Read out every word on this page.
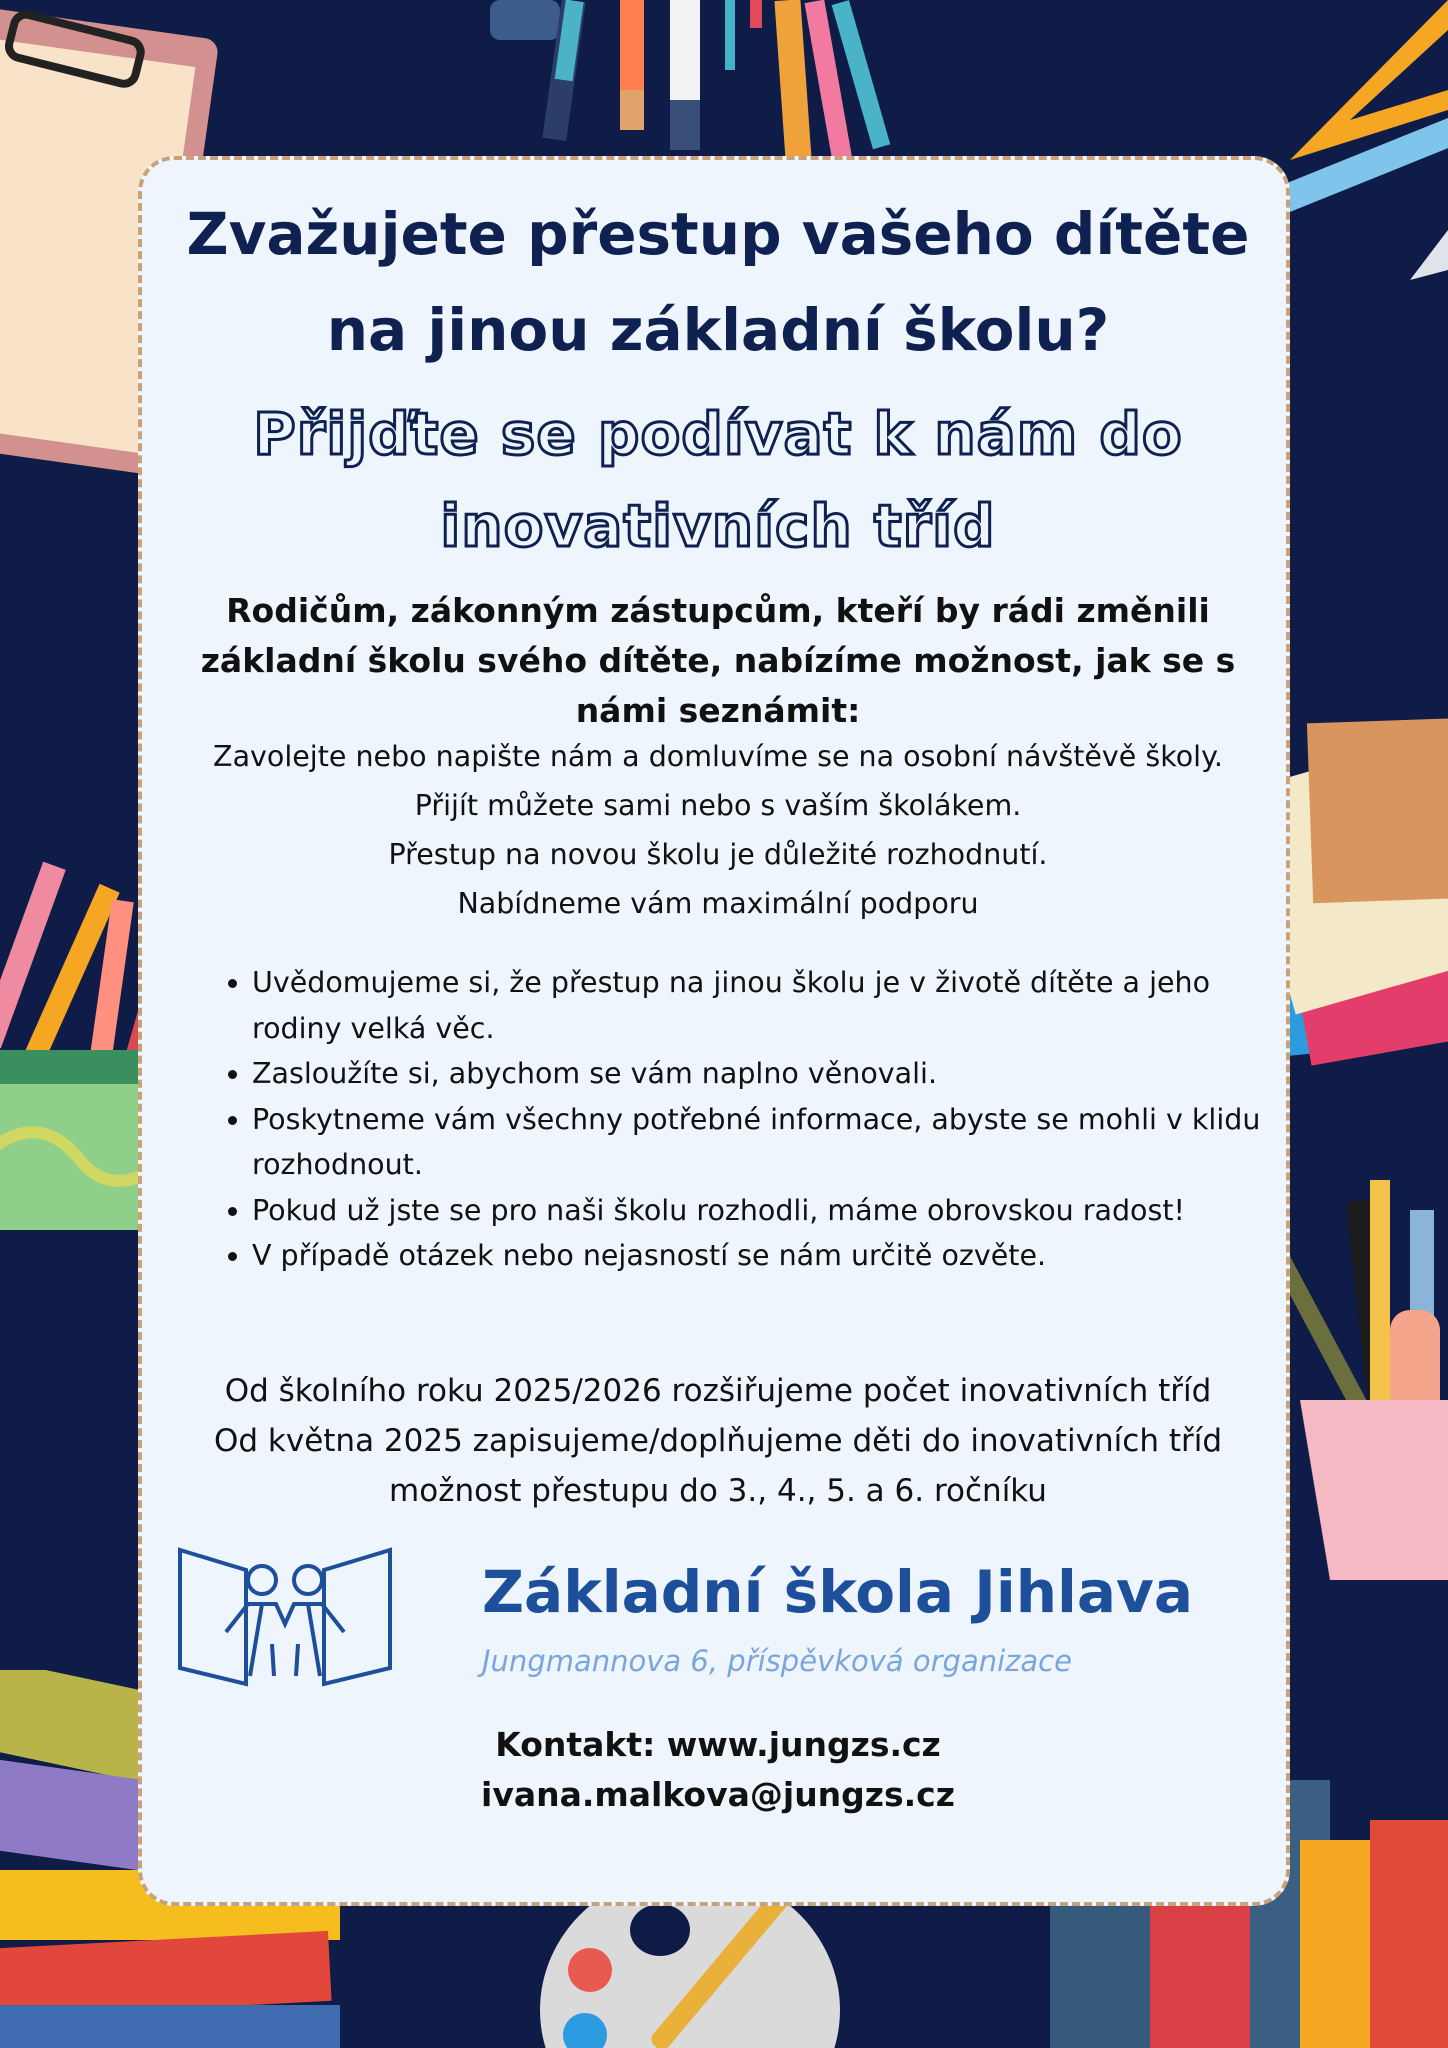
Zvažujete přestup vašeho dítěte
na jinou základní školu?
Přijďte se podívat k nám do
inovativních tříd

Rodičům, zákonným zástupcům, kteří by rádi změnili základní školu svého dítěte, nabízíme možnost, jak se s námi seznámit:

Zavolejte nebo napište nám a domluvíme se na osobní návštěvě školy.
Přijít můžete sami nebo s vaším školákem.
Přestup na novou školu je důležité rozhodnutí.
Nabídneme vám maximální podporu

• Uvědomujeme si, že přestup na jinou školu je v životě dítěte a jeho rodiny velká věc.
• Zasloužíte si, abychom se vám naplno věnovali.
• Poskytneme vám všechny potřebné informace, abyste se mohli v klidu rozhodnout.
• Pokud už jste se pro naši školu rozhodli, máme obrovskou radost!
• V případě otázek nebo nejasností se nám určitě ozvěte.

Od školního roku 2025/2026 rozšiřujeme počet inovativních tříd
Od května 2025 zapisujeme/doplňujeme děti do inovativních tříd
možnost přestupu do 3., 4., 5. a 6. ročníku

Základní škola Jihlava

Jungmannova 6, příspěvková organizace

Kontakt: www.jungzs.cz
ivana.malkova@jungzs.cz
